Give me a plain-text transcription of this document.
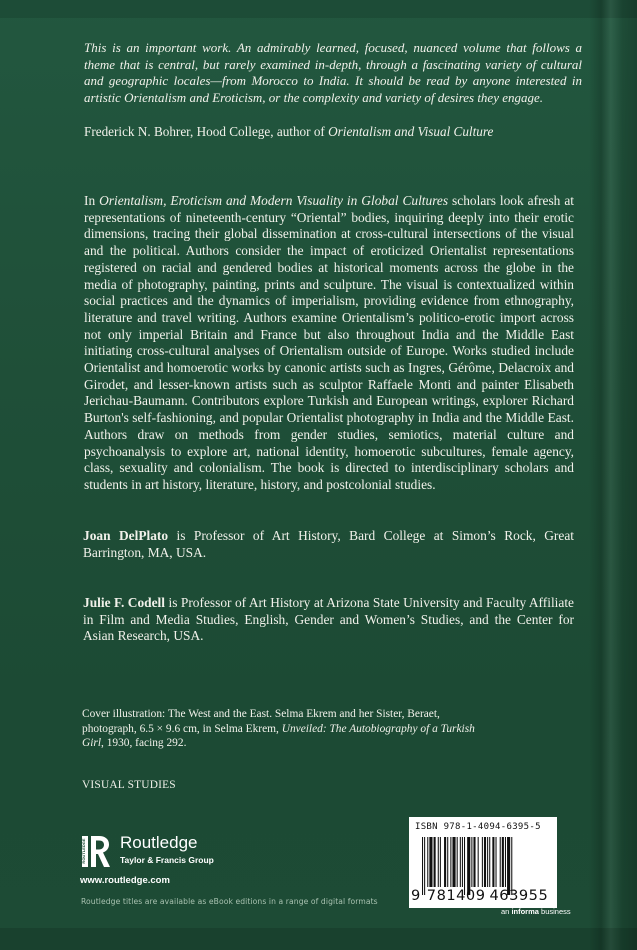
This is an important work. An admirably learned, focused, nuanced volume that follows a theme that is central, but rarely examined in-depth, through a fascinating variety of cultural and geographic locales—from Morocco to India. It should be read by anyone interested in artistic Orientalism and Eroticism, or the complexity and variety of desires they engage.
Frederick N. Bohrer, Hood College, author of Orientalism and Visual Culture
In Orientalism, Eroticism and Modern Visuality in Global Cultures scholars look afresh at representations of nineteenth-century “Oriental” bodies, inquiring deeply into their erotic dimensions, tracing their global dissemination at cross-cultural intersections of the visual and the political. Authors consider the impact of eroticized Orientalist representations registered on racial and gendered bodies at historical moments across the globe in the media of photography, painting, prints and sculpture. The visual is contextualized within social practices and the dynamics of imperialism, providing evidence from ethnography, literature and travel writing. Authors examine Orientalism’s politico-erotic import across not only imperial Britain and France but also throughout India and the Middle East initiating cross-cultural analyses of Orientalism outside of Europe. Works studied include Orientalist and homoerotic works by canonic artists such as Ingres, Gérôme, Delacroix and Girodet, and lesser-known artists such as sculptor Raffaele Monti and painter Elisabeth Jerichau-Baumann. Contributors explore Turkish and European writings, explorer Richard Burton's self-fashioning, and popular Orientalist photography in India and the Middle East. Authors draw on methods from gender studies, semiotics, material culture and psychoanalysis to explore art, national identity, homoerotic subcultures, female agency, class, sexuality and colonialism. The book is directed to interdisciplinary scholars and students in art history, literature, history, and postcolonial studies.
Joan DelPlato is Professor of Art History, Bard College at Simon’s Rock, Great Barrington, MA, USA.
Julie F. Codell is Professor of Art History at Arizona State University and Faculty Affiliate in Film and Media Studies, English, Gender and Women’s Studies, and the Center for Asian Research, USA.
Cover illustration: The West and the East. Selma Ekrem and her Sister, Beraet, photograph, 6.5 × 9.6 cm, in Selma Ekrem, Unveiled: The Autobiography of a Turkish Girl, 1930, facing 292.
VISUAL STUDIES
ROUTLEDGE Routledge
Taylor & Francis Group
www.routledge.com
Routledge titles are available as eBook editions in a range of digital formats
ISBN 978-1-4094-6395-5
9 781409 463955
an informa business
